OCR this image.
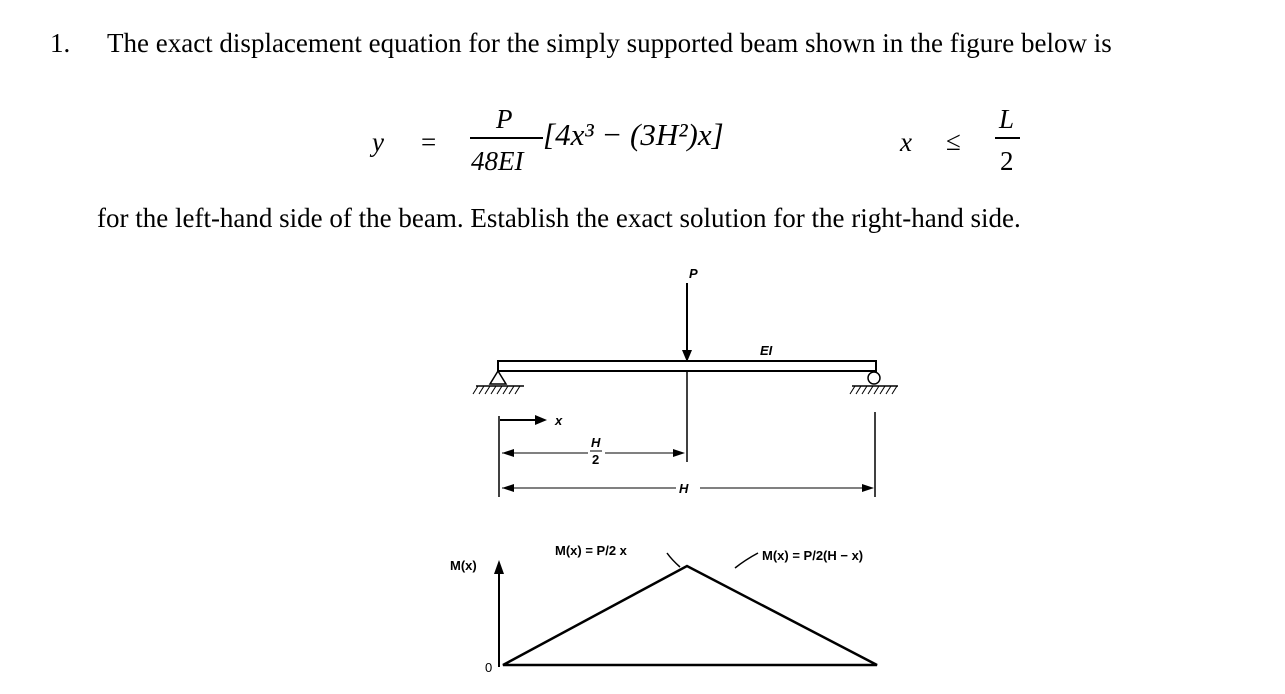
1. The exact displacement equation for the simply supported beam shown in the figure below is
y =
P
48EI
[4x³ − (3H²)x]	x ≤
L
2
for the left-hand side of the beam. Establish the exact solution for the right-hand side.
P
EI
x
H
2
H
M(x)
0
M(x) = P/2 x	M(x) = P/2(H − x)
